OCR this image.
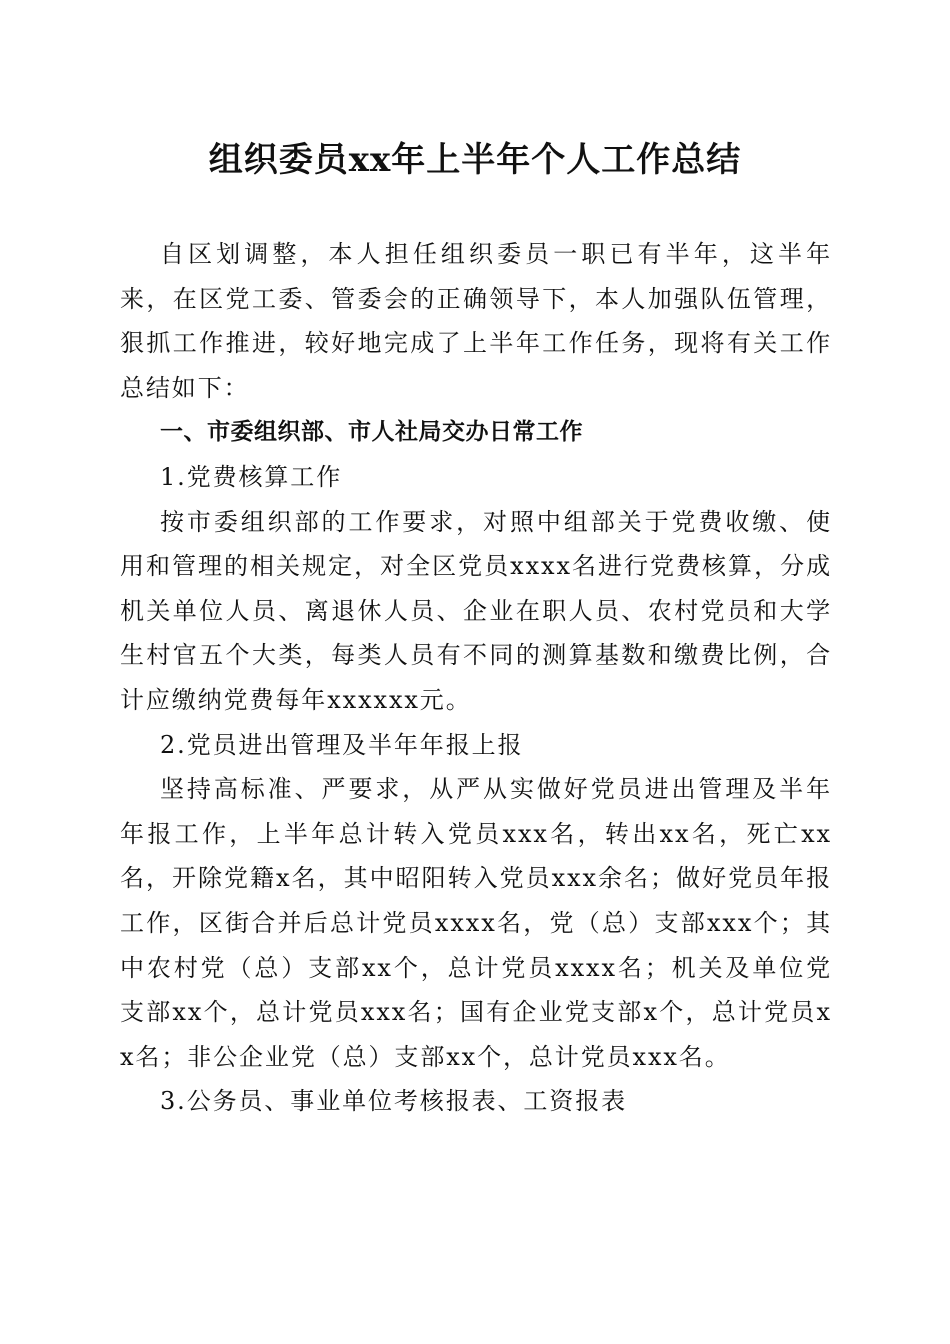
组织委员xx年上半年个人工作总结

自区划调整，本人担任组织委员一职已有半年，这半年来，在区党工委、管委会的正确领导下，本人加强队伍管理，狠抓工作推进，较好地完成了上半年工作任务，现将有关工作总结如下：

一、市委组织部、市人社局交办日常工作

1.党费核算工作

按市委组织部的工作要求，对照中组部关于党费收缴、使用和管理的相关规定，对全区党员xxxx名进行党费核算，分成机关单位人员、离退休人员、企业在职人员、农村党员和大学生村官五个大类，每类人员有不同的测算基数和缴费比例，合计应缴纳党费每年xxxxxx元。

2.党员进出管理及半年年报上报

坚持高标准、严要求，从严从实做好党员进出管理及半年年报工作，上半年总计转入党员xxx名，转出xx名，死亡xx名，开除党籍x名，其中昭阳转入党员xxx余名；做好党员年报工作，区街合并后总计党员xxxx名，党（总）支部xxx个；其中农村党（总）支部xx个，总计党员xxxx名；机关及单位党支部xx个，总计党员xxx名；国有企业党支部x个，总计党员xx名；非公企业党（总）支部xx个，总计党员xxx名。

3.公务员、事业单位考核报表、工资报表
